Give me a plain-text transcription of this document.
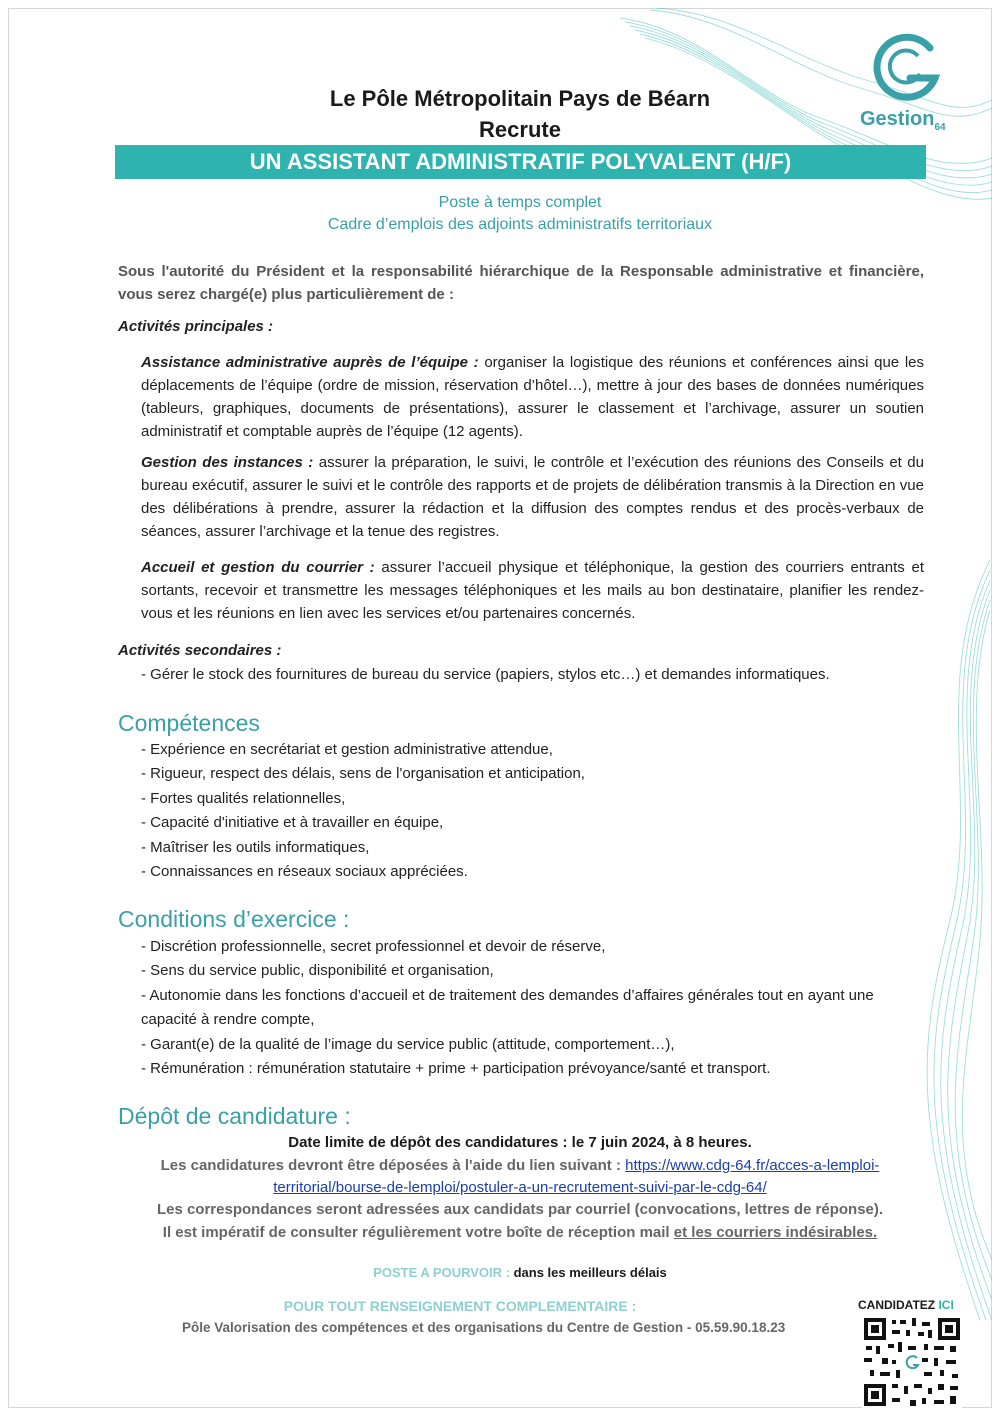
Gestion$_{64}$
Le Pôle Métropolitain Pays de Béarn
Recrute
UN ASSISTANT ADMINISTRATIF POLYVALENT (H/F)
Poste à temps complet
Cadre d’emplois des adjoints administratifs territoriaux
Sous l'autorité du Président et la responsabilité hiérarchique de la Responsable administrative et financière, vous serez chargé(e) plus particulièrement de :
Activités principales :
Assistance administrative auprès de l’équipe : organiser la logistique des réunions et conférences ainsi que les déplacements de l’équipe (ordre de mission, réservation d’hôtel…), mettre à jour des bases de données numériques (tableurs, graphiques, documents de présentations), assurer le classement et l’archivage, assurer un soutien administratif et comptable auprès de l’équipe (12 agents).
Gestion des instances : assurer la préparation, le suivi, le contrôle et l’exécution des réunions des Conseils et du bureau exécutif, assurer le suivi et le contrôle des rapports et de projets de délibération transmis à la Direction en vue des délibérations à prendre, assurer la rédaction et la diffusion des comptes rendus et des procès-verbaux de séances, assurer l’archivage et la tenue des registres.
Accueil et gestion du courrier : assurer l’accueil physique et téléphonique, la gestion des courriers entrants et sortants, recevoir et transmettre les messages téléphoniques et les mails au bon destinataire, planifier les rendez-vous et les réunions en lien avec les services et/ou partenaires concernés.
Activités secondaires :
- Gérer le stock des fournitures de bureau du service (papiers, stylos etc…) et demandes informatiques.
Compétences
- Expérience en secrétariat et gestion administrative attendue,
- Rigueur, respect des délais, sens de l'organisation et anticipation,
- Fortes qualités relationnelles,
- Capacité d'initiative et à travailler en équipe,
- Maîtriser les outils informatiques,
- Connaissances en réseaux sociaux appréciées.
Conditions d’exercice :
- Discrétion professionnelle, secret professionnel et devoir de réserve,
- Sens du service public, disponibilité et organisation,
- Autonomie dans les fonctions d’accueil et de traitement des demandes d’affaires générales tout en ayant une capacité à rendre compte,
- Garant(e) de la qualité de l’image du service public (attitude, comportement…),
- Rémunération : rémunération statutaire + prime + participation prévoyance/santé et transport.
Dépôt de candidature :
Date limite de dépôt des candidatures : le 7 juin 2024, à 8 heures.
Les candidatures devront être déposées à l'aide du lien suivant : https://www.cdg-64.fr/acces-a-lemploi-
territorial/bourse-de-lemploi/postuler-a-un-recrutement-suivi-par-le-cdg-64/
Les correspondances seront adressées aux candidats par courriel (convocations, lettres de réponse).
Il est impératif de consulter régulièrement votre boîte de réception mail et les courriers indésirables.
POSTE A POURVOIR : dans les meilleurs délais
POUR TOUT RENSEIGNEMENT COMPLEMENTAIRE :
Pôle Valorisation des compétences et des organisations du Centre de Gestion - 05.59.90.18.23
CANDIDATEZ ICI
